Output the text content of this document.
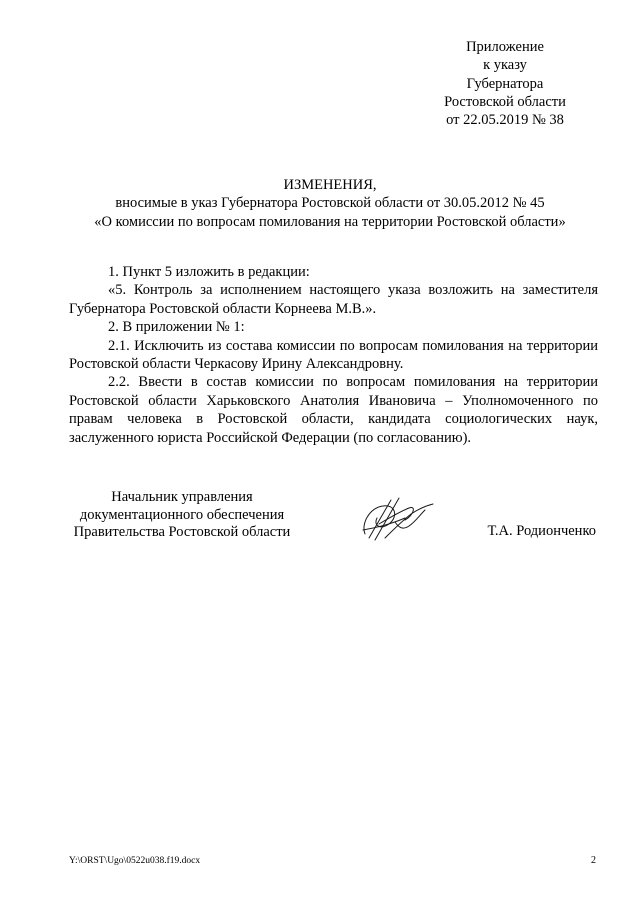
Приложение
к указу
Губернатора
Ростовской области
от 22.05.2019 № 38
ИЗМЕНЕНИЯ,
вносимые в указ Губернатора Ростовской области от 30.05.2012 № 45
«О комиссии по вопросам помилования на территории Ростовской области»

1. Пункт 5 изложить в редакции:

«5. Контроль за исполнением настоящего указа возложить на заместителя Губернатора Ростовской области Корнеева М.В.».

2. В приложении № 1:

2.1. Исключить из состава комиссии по вопросам помилования на территории Ростовской области Черкасову Ирину Александровну.

2.2. Ввести в состав комиссии по вопросам помилования на территории Ростовской области Харьковского Анатолия Ивановича – Уполномоченного по правам человека в Ростовской области, кандидата социологических наук, заслуженного юриста Российской Федерации (по согласованию).

Начальник управления
документационного обеспечения
Правительства Ростовской области	Т.А. Родионченко
Y:\ORST\Ugo\0522u038.f19.docx	2
